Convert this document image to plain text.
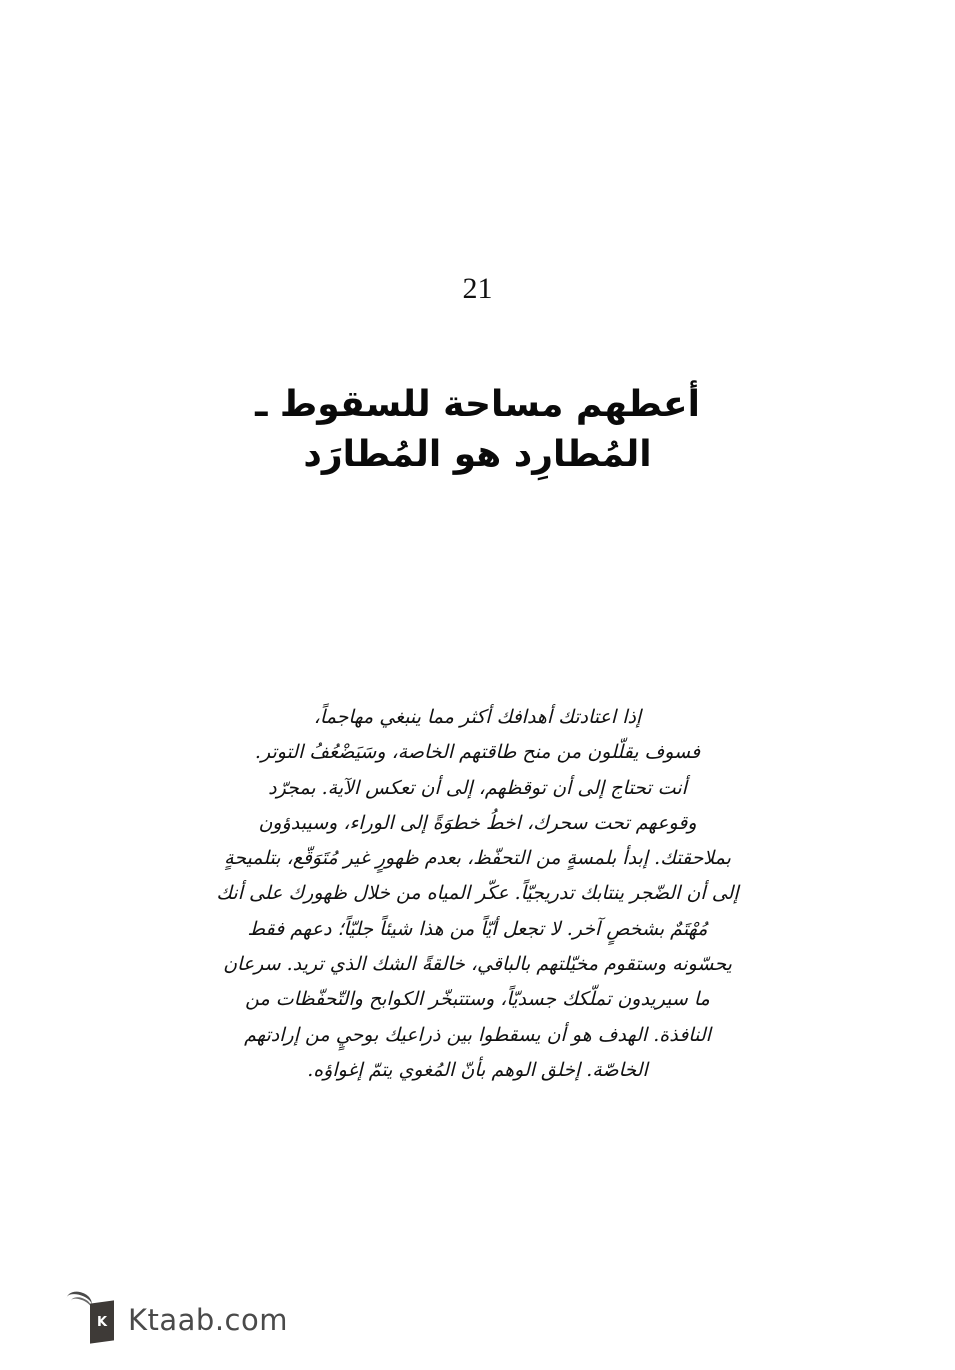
21
أعطهم مساحة للسقوط ـ
المُطارِد هو المُطارَد
إذا اعتادتك أهدافك أكثر مما ينبغي مهاجماً،
فسوف يقلّلون من منح طاقتهم الخاصة، وسَيَضْعُفُ التوتر.
أنت تحتاج إلى أن توقظهم، إلى أن تعكس الآية. بمجرّد
وقوعهم تحت سحرك، اخطُ خطوَةً إلى الوراء، وسيبدؤون
بملاحقتك. إبدأ بلمسةٍ من التحفّظ، بعدم ظهورٍ غير مُتَوَقّع، بتلميحةٍ
إلى أن الضّجر ينتابك تدريجيّاً. عكّر المياه من خلال ظهورك على أنك
مُهْتَمٌ بشخصٍ آخر. لا تجعل أيّاً من هذا شيئاً جليّاً؛ دعهم فقط
يحسّونه وستقوم مخيّلتهم بالباقي، خالقةً الشك الذي تريد. سرعان
ما سيريدون تملّكك جسديّاً، وستتبخّر الكوابح والتّحفّظات من
النافذة. الهدف هو أن يسقطوا بين ذراعيك بوحيٍ من إرادتهم
الخاصّة. إخلق الوهم بأنّ المُغوي يتمّ إغواؤه.
K Ktaab.com
